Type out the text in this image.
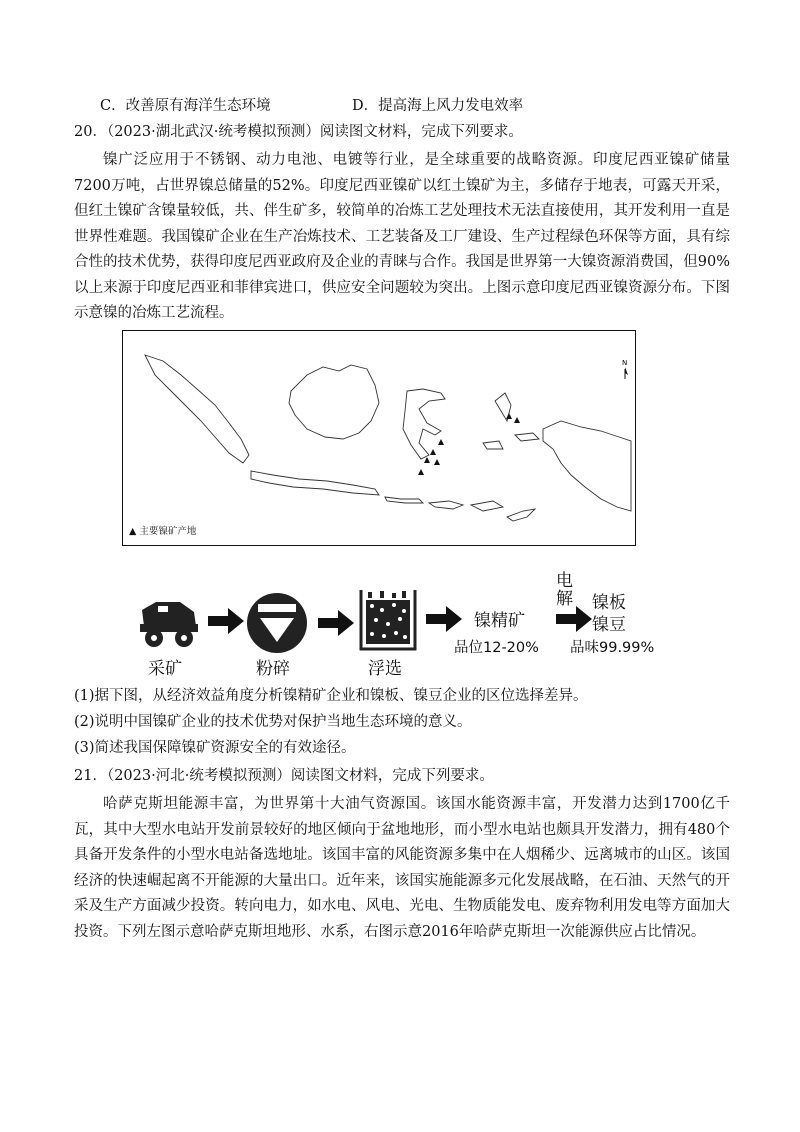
C．改善原有海洋生态环境	D．提高海上风力发电效率
20．（2023·湖北武汉·统考模拟预测）阅读图文材料，完成下列要求。
镍广泛应用于不锈钢、动力电池、电镀等行业，是全球重要的战略资源。印度尼西亚镍矿储量7200万吨，占世界镍总储量的52%。印度尼西亚镍矿以红土镍矿为主，多储存于地表，可露天开采，但红土镍矿含镍量较低，共、伴生矿多，较简单的冶炼工艺处理技术无法直接使用，其开发利用一直是世界性难题。我国镍矿企业在生产冶炼技术、工艺装备及工厂建设、生产过程绿色环保等方面，具有综合性的技术优势，获得印度尼西亚政府及企业的青睐与合作。我国是世界第一大镍资源消费国，但90%以上来源于印度尼西亚和菲律宾进口，供应安全问题较为突出。上图示意印度尼西亚镍资源分布。下图示意镍的冶炼工艺流程。
N
▲ 主要镍矿产地
采矿	粉碎	浮选
镍精矿
品位12-20%
电
解 镍板
镍豆
品味99.99%
(1)据下图，从经济效益角度分析镍精矿企业和镍板、镍豆企业的区位选择差异。
(2)说明中国镍矿企业的技术优势对保护当地生态环境的意义。
(3)简述我国保障镍矿资源安全的有效途径。
21．（2023·河北·统考模拟预测）阅读图文材料，完成下列要求。
哈萨克斯坦能源丰富，为世界第十大油气资源国。该国水能资源丰富，开发潜力达到1700亿千瓦，其中大型水电站开发前景较好的地区倾向于盆地地形，而小型水电站也颇具开发潜力，拥有480个具备开发条件的小型水电站备选地址。该国丰富的风能资源多集中在人烟稀少、远离城市的山区。该国经济的快速崛起离不开能源的大量出口。近年来，该国实施能源多元化发展战略，在石油、天然气的开采及生产方面减少投资。转向电力，如水电、风电、光电、生物质能发电、废弃物利用发电等方面加大投资。下列左图示意哈萨克斯坦地形、水系，右图示意2016年哈萨克斯坦一次能源供应占比情况。
